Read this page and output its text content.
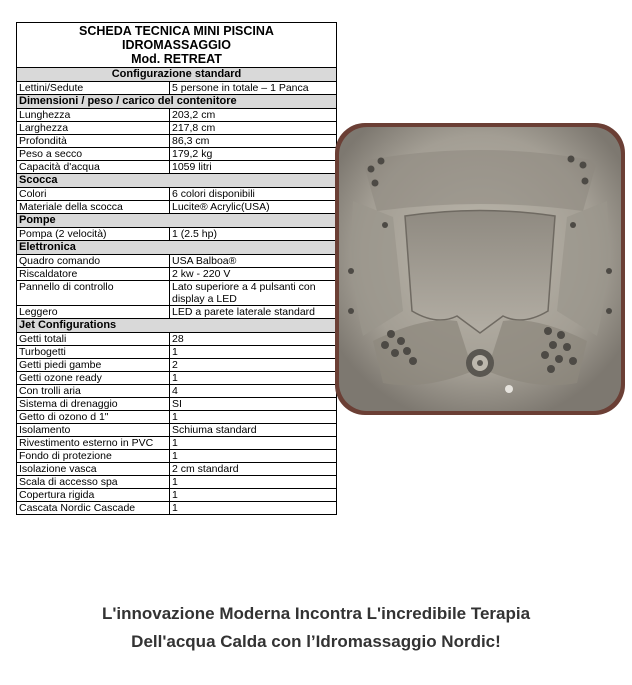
SCHEDA TECNICA MINI PISCINA
IDROMASSAGGIO
Mod. RETREAT
Configurazione standard
Lettini/Sedute	5 persone in totale – 1 Panca
Dimensioni / peso / carico del contenitore
Lunghezza	203,2 cm
Larghezza	217,8 cm
Profondità	86,3 cm
Peso a secco	179,2 kg
Capacità d'acqua	1059 litri
Scocca
Colori	6 colori disponibili
Materiale della scocca	Lucite® Acrylic(USA)
Pompe
Pompa (2 velocità)	1 (2.5 hp)
Elettronica
Quadro comando	USA Balboa®
Riscaldatore	2 kw - 220 V
Pannello di controllo	Lato superiore a 4 pulsanti con display a LED
Leggero	LED a parete laterale standard
Jet Configurations
Getti totali	28
Turbogetti	1
Getti piedi gambe	2
Getti ozone ready	1
Con trolli aria	4
Sistema di drenaggio	SI
Getto di ozono d 1"	1
Isolamento	Schiuma standard
Rivestimento esterno in PVC	1
Fondo di protezione	1
Isolazione vasca	2 cm standard
Scala di accesso spa	1
Copertura rigida	1
Cascata Nordic Cascade	1
L'innovazione Moderna Incontra L'incredibile Terapia
Dell'acqua Calda con l’Idromassaggio Nordic!
